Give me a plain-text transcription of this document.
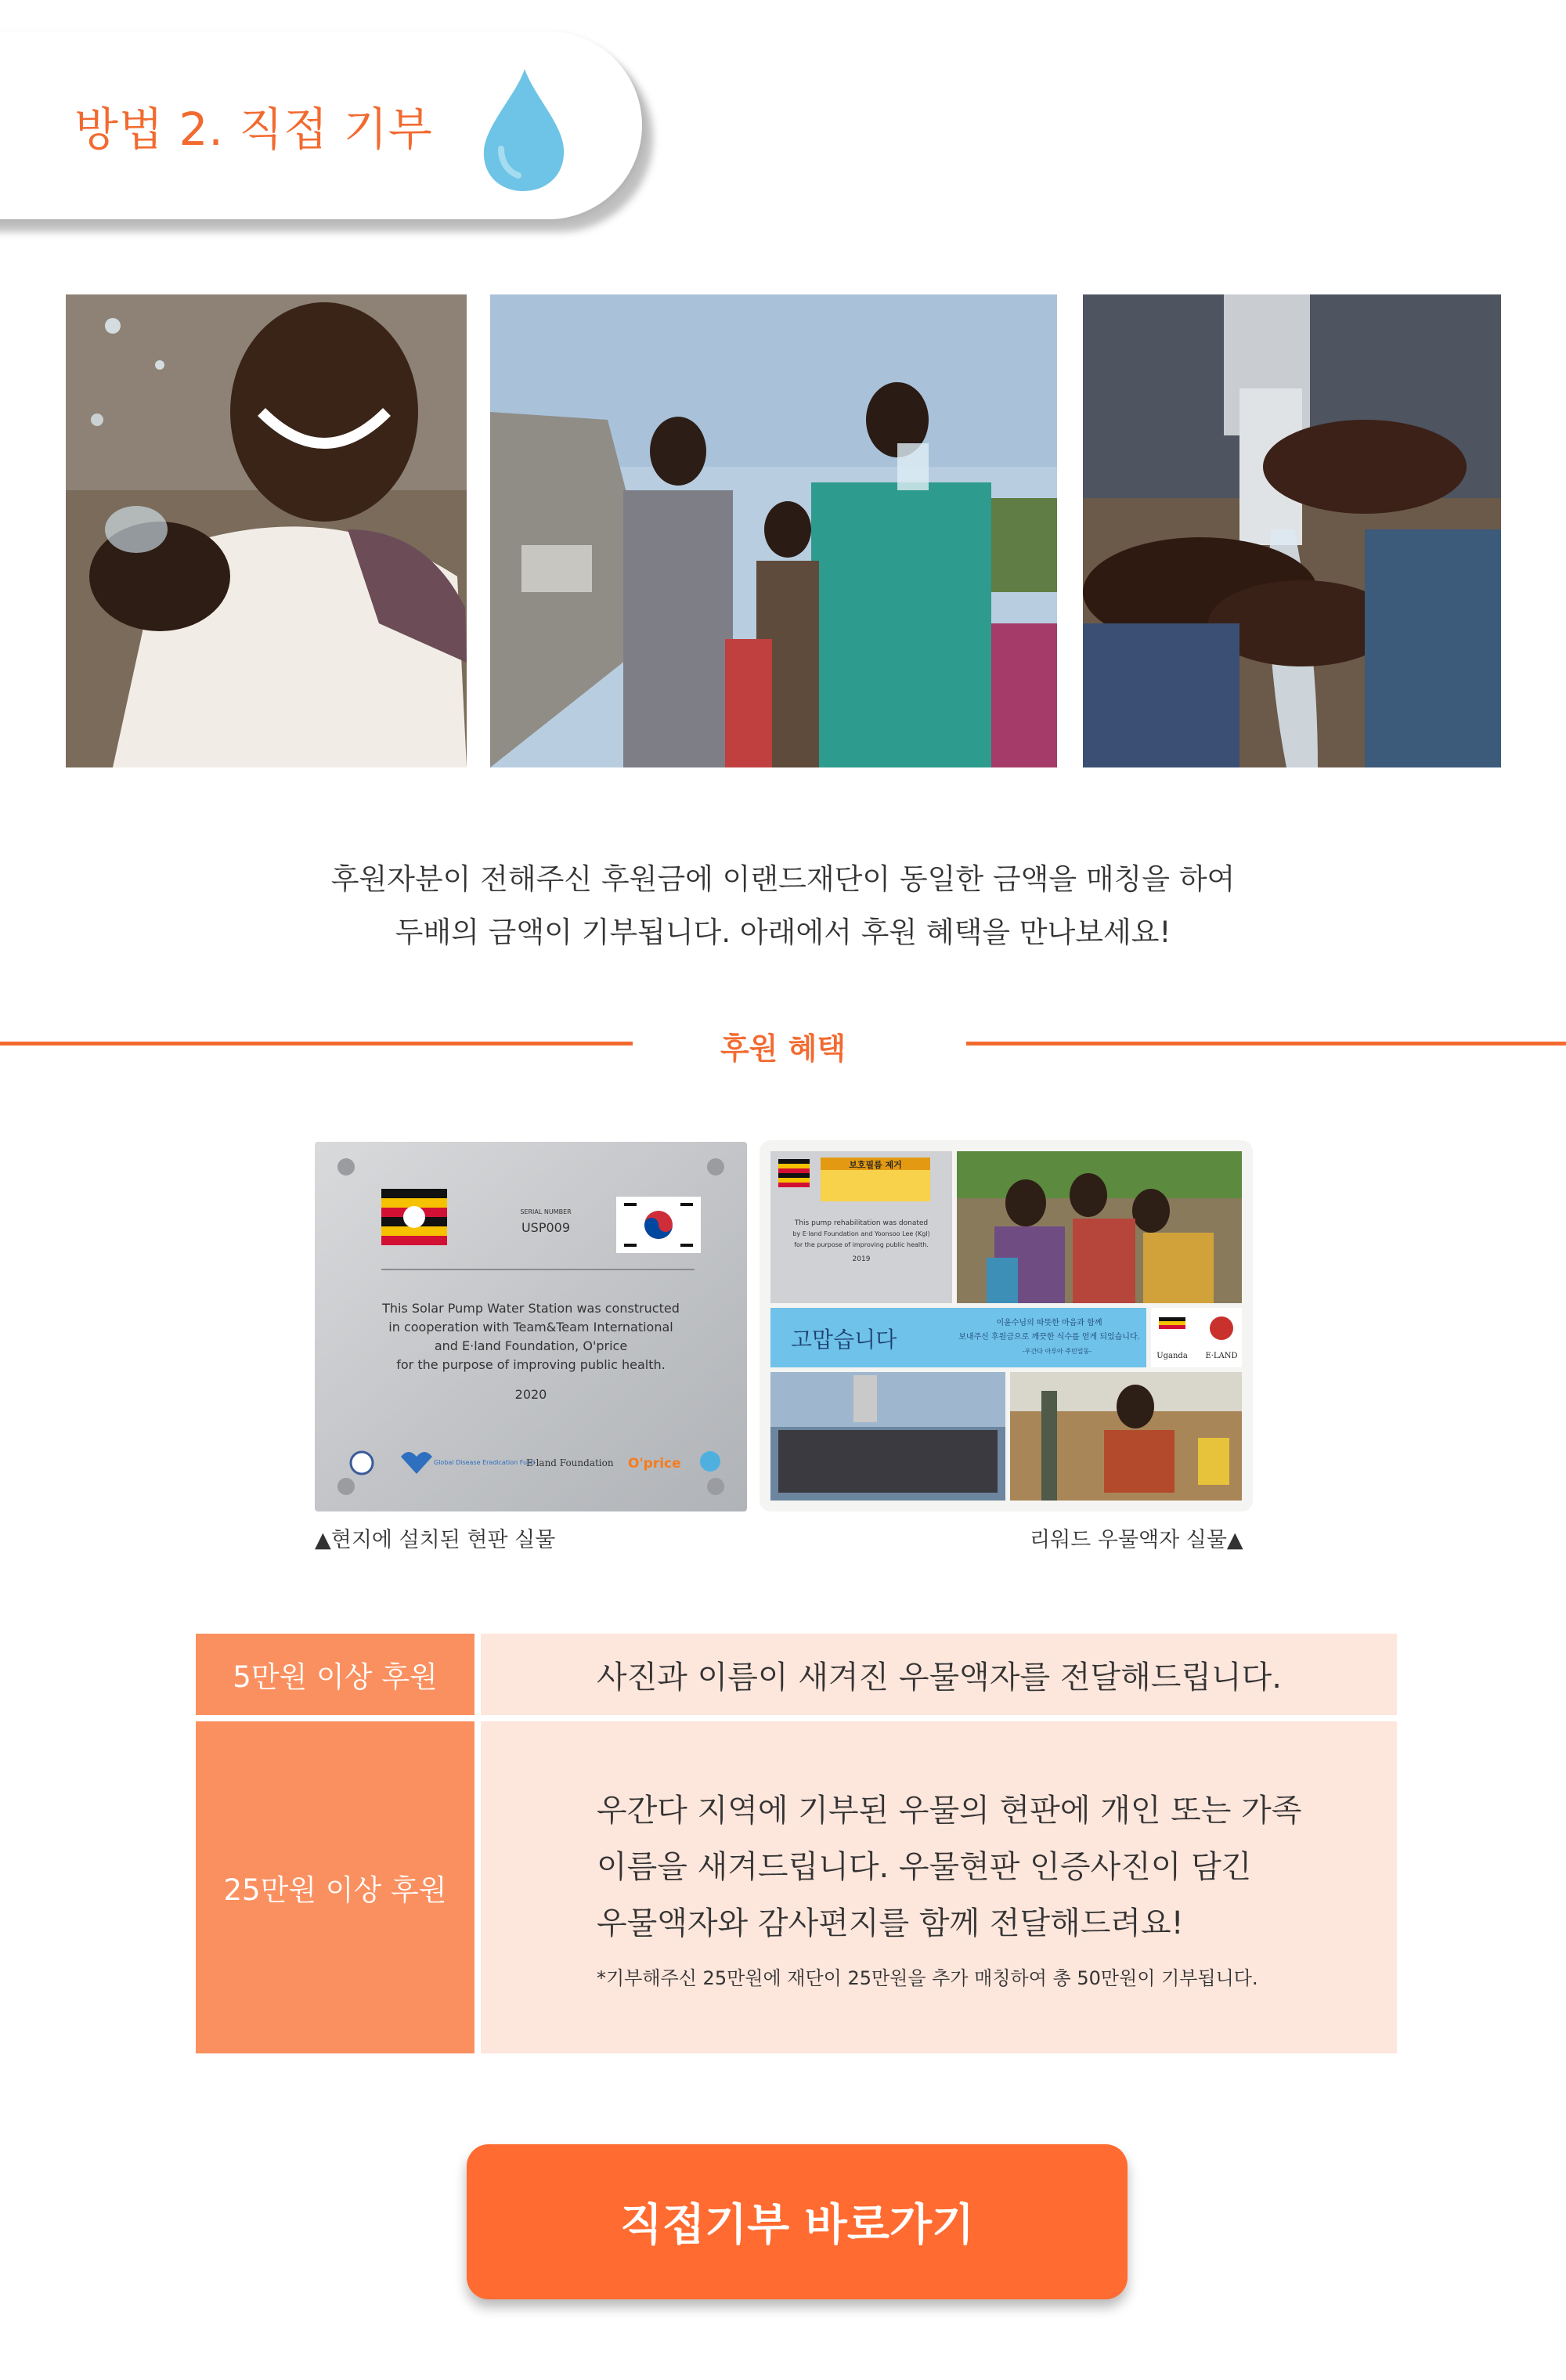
방법 2. 직접 기부
후원자분이 전해주신 후원금에 이랜드재단이 동일한 금액을 매칭을 하여
두배의 금액이 기부됩니다. 아래에서 후원 혜택을 만나보세요!
후원 혜택
SERIAL NUMBER
USP009
This Solar Pump Water Station was constructed
in cooperation with Team&Team International
and E·land Foundation, O'price
for the purpose of improving public health.
2020
Global Disease Eradication Fund
E·land Foundation O'price
보호필름 제거
This pump rehabilitation was donated
by E·land Foundation and Yoonsoo Lee (Kgl)
for the purpose of improving public health.
2019
고맙습니다
이윤수님의 따뜻한 마음과 함께
보내주신 후원금으로 깨끗한 식수를 얻게 되었습니다.
-우간다 아루아 주민일동-
Uganda E·LAND
▲현지에 설치된 현판 실물	리워드 우물액자 실물▲
5만원 이상 후원	사진과 이름이 새겨진 우물액자를 전달해드립니다.
25만원 이상 후원
우간다 지역에 기부된 우물의 현판에 개인 또는 가족
이름을 새겨드립니다. 우물현판 인증사진이 담긴
우물액자와 감사편지를 함께 전달해드려요!
*기부해주신 25만원에 재단이 25만원을 추가 매칭하여 총 50만원이 기부됩니다.
직접기부 바로가기
